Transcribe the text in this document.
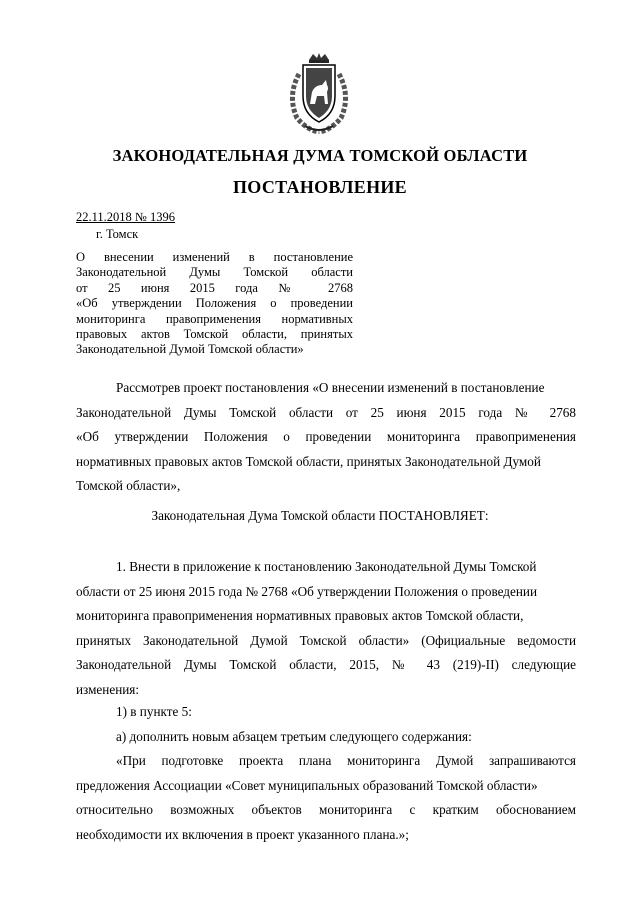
ЗАКОНОДАТЕЛЬНАЯ ДУМА ТОМСКОЙ ОБЛАСТИ
ПОСТАНОВЛЕНИЕ
22.11.2018 № 1396
г. Томск
О внесении изменений в постановление
Законодательной Думы Томской области
от 25 июня 2015 года № 2768
«Об утверждении Положения о проведении
мониторинга правоприменения нормативных
правовых актов Томской области, принятых
Законодательной Думой Томской области»
Рассмотрев проект постановления «О внесении изменений в постановление
Законодательной Думы Томской области от 25 июня 2015 года № 2768
«Об утверждении Положения о проведении мониторинга правоприменения
нормативных правовых актов Томской области, принятых Законодательной Думой
Томской области»,
Законодательная Дума Томской области ПОСТАНОВЛЯЕТ:
1. Внести в приложение к постановлению Законодательной Думы Томской
области от 25 июня 2015 года № 2768 «Об утверждении Положения о проведении
мониторинга правоприменения нормативных правовых актов Томской области,
принятых Законодательной Думой Томской области» (Официальные ведомости
Законодательной Думы Томской области, 2015, № 43 (219)-II) следующие
изменения:
1) в пункте 5:
а) дополнить новым абзацем третьим следующего содержания:
«При подготовке проекта плана мониторинга Думой запрашиваются
предложения Ассоциации «Совет муниципальных образований Томской области»
относительно возможных объектов мониторинга с кратким обоснованием
необходимости их включения в проект указанного плана.»;
